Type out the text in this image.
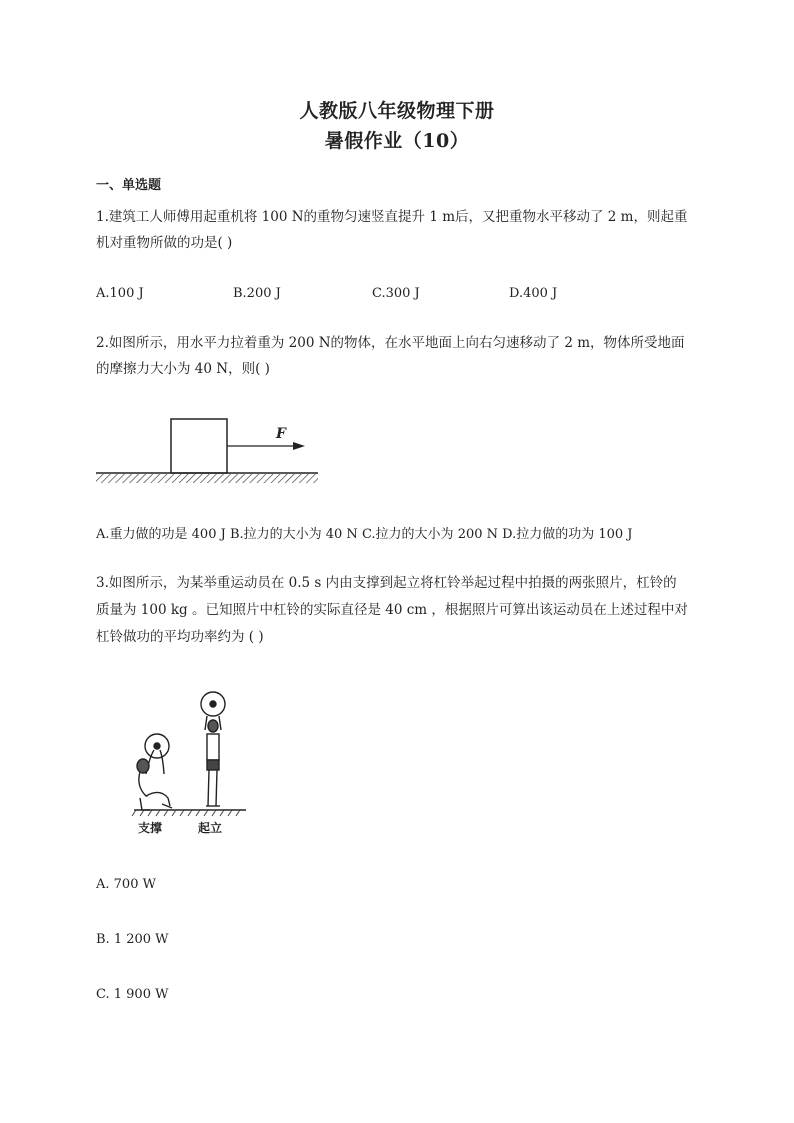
人教版八年级物理下册
暑假作业（10）
一、单选题
1.建筑工人师傅用起重机将 100 N的重物匀速竖直提升 1 m后，又把重物水平移动了 2 m，则起重
机对重物所做的功是( )
A.100 J	B.200 J	C.300 J	D.400 J
2.如图所示，用水平力拉着重为 200 N的物体，在水平地面上向右匀速移动了 2 m，物体所受地面
的摩擦力大小为 40 N，则( )
F
A.重力做的功是 400 J B.拉力的大小为 40 N C.拉力的大小为 200 N D.拉力做的功为 100 J
3.如图所示，为某举重运动员在 0.5 s 内由支撑到起立将杠铃举起过程中拍摄的两张照片，杠铃的
质量为 100 kg 。已知照片中杠铃的实际直径是 40 cm ，根据照片可算出该运动员在上述过程中对
杠铃做功的平均功率约为 ( )
支撑	起立
A. 700 W
B. 1 200 W
C. 1 900 W
